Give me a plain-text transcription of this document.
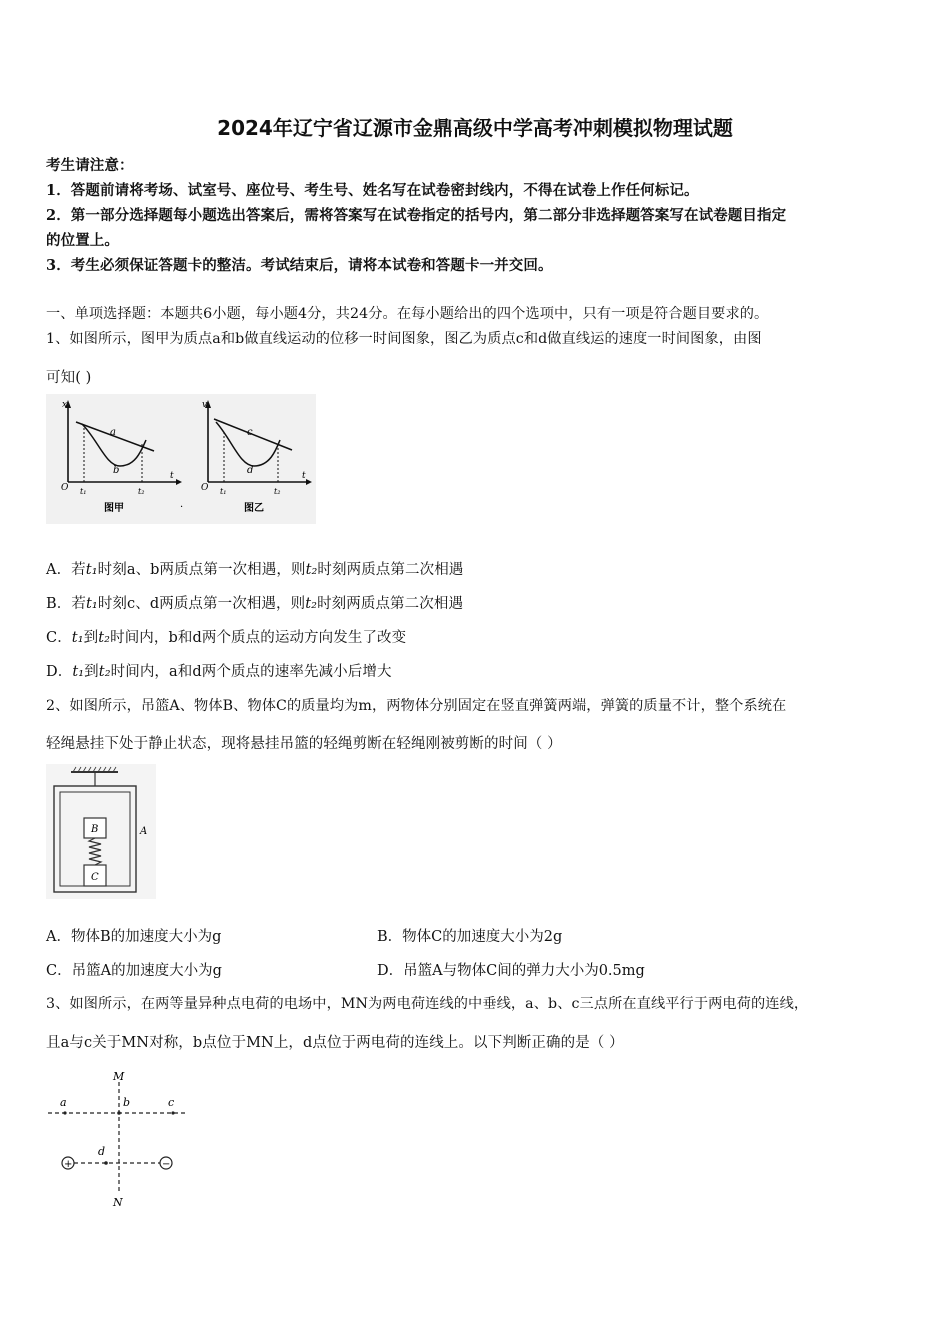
2024年辽宁省辽源市金鼎高级中学高考冲刺模拟物理试题
考生请注意：
1．答题前请将考场、试室号、座位号、考生号、姓名写在试卷密封线内，不得在试卷上作任何标记。
2．第一部分选择题每小题选出答案后，需将答案写在试卷指定的括号内，第二部分非选择题答案写在试卷题目指定
的位置上。
3．考生必须保证答题卡的整洁。考试结束后，请将本试卷和答题卡一并交回。
一、单项选择题：本题共6小题，每小题4分，共24分。在每小题给出的四个选项中，只有一项是符合题目要求的。
1、如图所示，图甲为质点a和b做直线运动的位移一时间图象，图乙为质点c和d做直线运的速度一时间图象，由图
可知( )
O
x
t
a
b
t₁	t₂
图甲	·
O
v
t
c
d
t₁	t₂
图乙
A．若t₁时刻a、b两质点第一次相遇，则t₂时刻两质点第二次相遇
B．若t₁时刻c、d两质点第一次相遇，则t₂时刻两质点第二次相遇
C．t₁到t₂时间内，b和d两个质点的运动方向发生了改变
D．t₁到t₂时间内，a和d两个质点的速率先减小后增大
2、如图所示，吊篮A、物体B、物体C的质量均为m，两物体分别固定在竖直弹簧两端，弹簧的质量不计，整个系统在
轻绳悬挂下处于静止状态，现将悬挂吊篮的轻绳剪断在轻绳刚被剪断的时间（ ）
B
C
A
A．物体B的加速度大小为g	B．物体C的加速度大小为2g
C．吊篮A的加速度大小为g	D．吊篮A与物体C间的弹力大小为0.5mg
3、如图所示，在两等量异种点电荷的电场中，MN为两电荷连线的中垂线，a、b、c三点所在直线平行于两电荷的连线，
且a与c关于MN对称，b点位于MN上，d点位于两电荷的连线上。以下判断正确的是（ ）
+	−
M
N
a	b	c
d
